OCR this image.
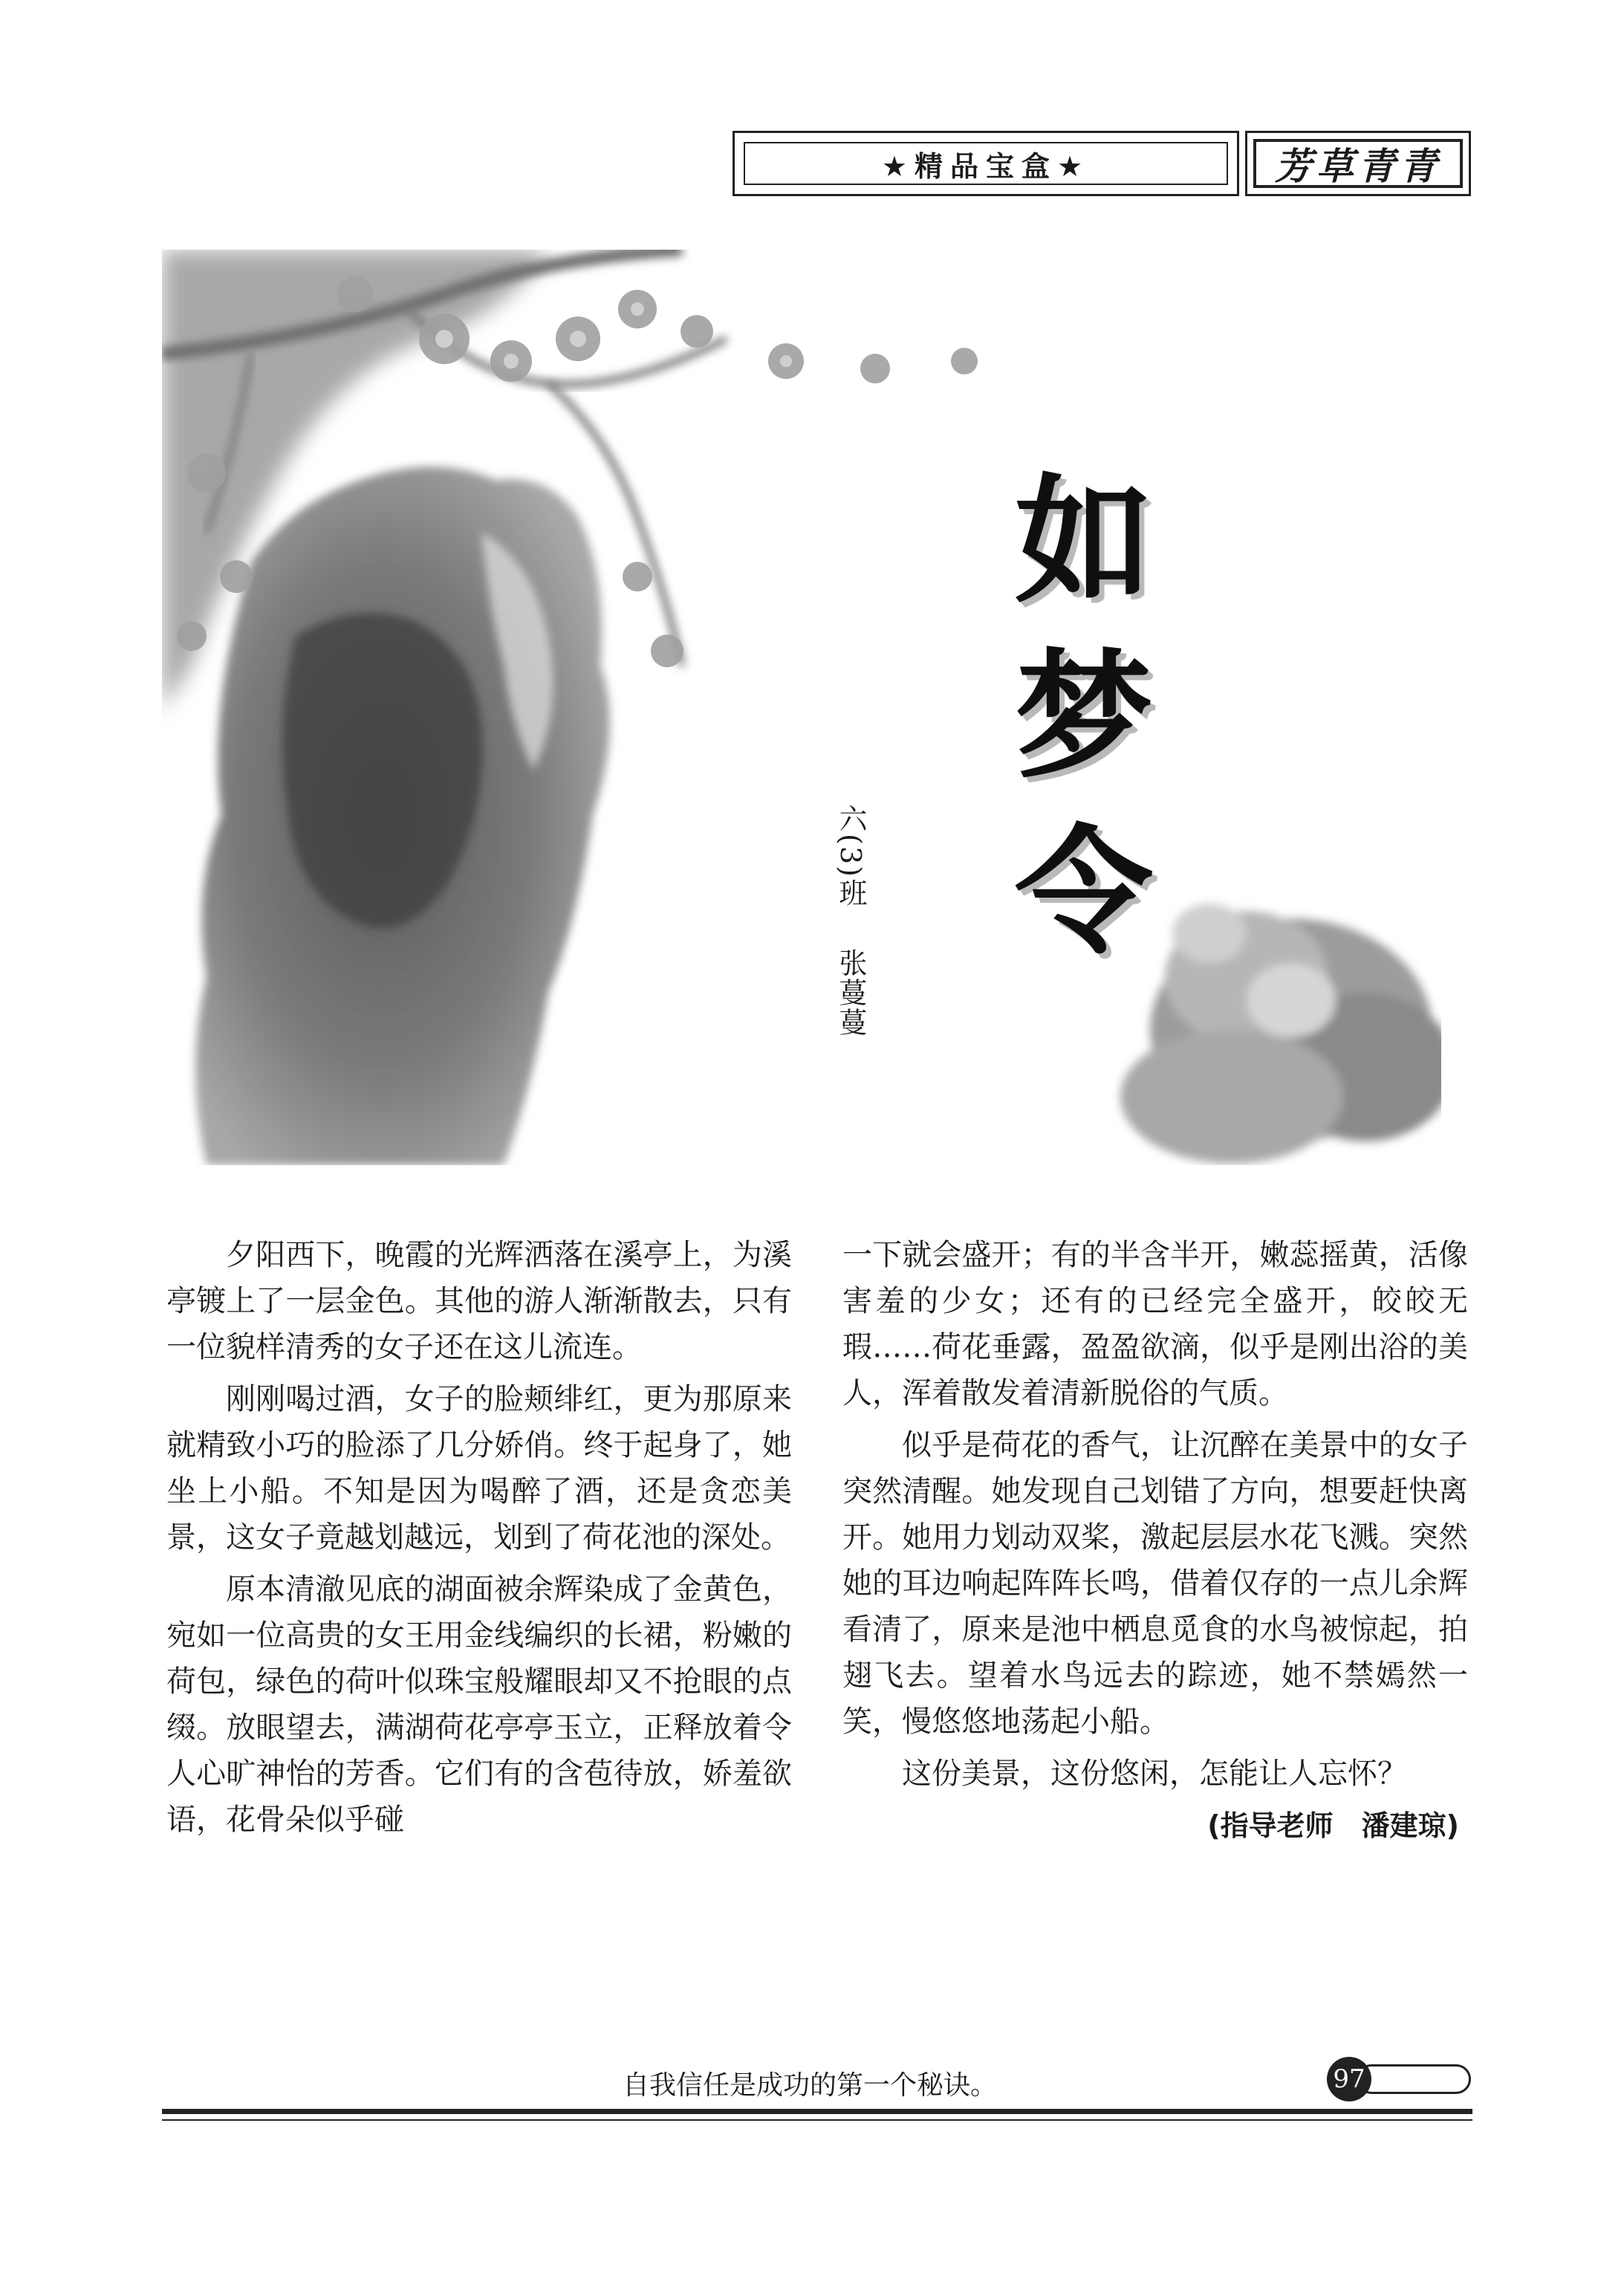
★精品宝盒★	芳草青青
如
梦
令
六(3)班
张蔓蔓

夕阳西下，晚霞的光辉洒落在溪亭上，为溪亭镀上了一层金色。其他的游人渐渐散去，只有一位貌样清秀的女子还在这儿流连。

刚刚喝过酒，女子的脸颊绯红，更为那原来就精致小巧的脸添了几分娇俏。终于起身了，她坐上小船。不知是因为喝醉了酒，还是贪恋美景，这女子竟越划越远，划到了荷花池的深处。

原本清澈见底的湖面被余辉染成了金黄色，宛如一位高贵的女王用金线编织的长裙，粉嫩的荷包，绿色的荷叶似珠宝般耀眼却又不抢眼的点缀。放眼望去，满湖荷花亭亭玉立，正释放着令人心旷神怡的芳香。它们有的含苞待放，娇羞欲语，花骨朵似乎碰

一下就会盛开；有的半含半开，嫩蕊摇黄，活像害羞的少女；还有的已经完全盛开，皎皎无瑕……荷花垂露，盈盈欲滴，似乎是刚出浴的美人，浑着散发着清新脱俗的气质。

似乎是荷花的香气，让沉醉在美景中的女子突然清醒。她发现自己划错了方向，想要赶快离开。她用力划动双桨，激起层层水花飞溅。突然她的耳边响起阵阵长鸣，借着仅存的一点儿余辉看清了，原来是池中栖息觅食的水鸟被惊起，拍翅飞去。望着水鸟远去的踪迹，她不禁嫣然一笑，慢悠悠地荡起小船。

这份美景，这份悠闲，怎能让人忘怀？

(指导老师　潘建琼)
自我信任是成功的第一个秘诀。	97
